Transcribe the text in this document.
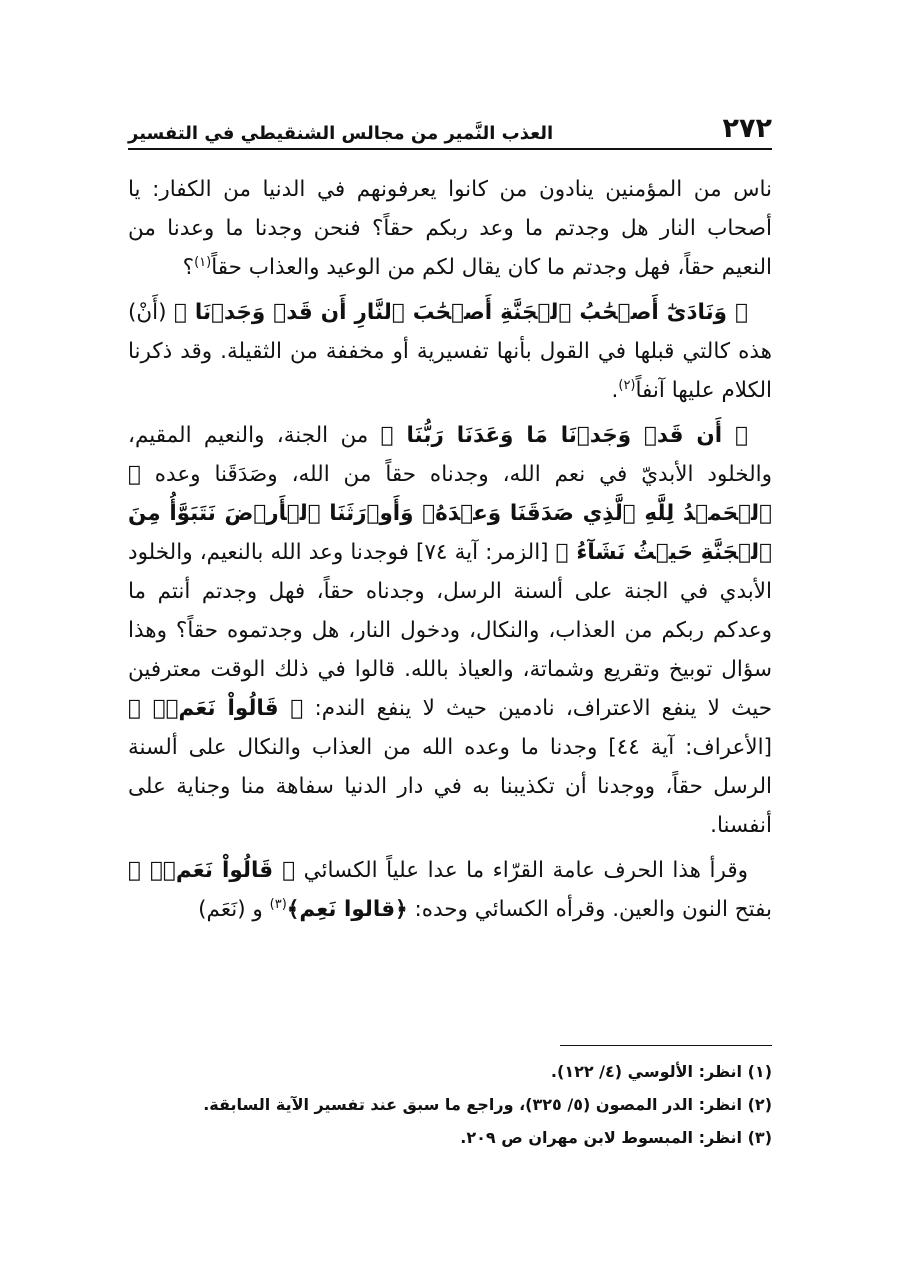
٢٧٢
العذب النَّمير من مجالس الشنقيطي في التفسير

ناس من المؤمنين ينادون من كانوا يعرفونهم في الدنيا من الكفار: يا أصحاب النار هل وجدتم ما وعد ربكم حقاً؟ فنحن وجدنا ما وعدنا من النعيم حقاً، فهل وجدتم ما كان يقال لكم من الوعيد والعذاب حقاً$^{(١)}$؟

﴿ وَنَادَىٰٓ أَصۡحَٰبُ ٱلۡجَنَّةِ أَصۡحَٰبَ ٱلنَّارِ أَن قَدۡ وَجَدۡنَا ﴾ (أَنْ) هذه كالتي قبلها في القول بأنها تفسيرية أو مخففة من الثقيلة. وقد ذكرنا الكلام عليها آنفاً$^{(٢)}$.

﴿ أَن قَدۡ وَجَدۡنَا مَا وَعَدَنَا رَبُّنَا ﴾ من الجنة، والنعيم المقيم، والخلود الأبديّ في نعم الله، وجدناه حقاً من الله، وصَدَقَنا وعده ﴿ ٱلۡحَمۡدُ لِلَّهِ ٱلَّذِي صَدَقَنَا وَعۡدَهُۥ وَأَوۡرَثَنَا ٱلۡأَرۡضَ نَتَبَوَّأُ مِنَ ٱلۡجَنَّةِ حَيۡثُ نَشَآءُ ﴾ [الزمر: آية ٧٤] فوجدنا وعد الله بالنعيم، والخلود الأبدي في الجنة على ألسنة الرسل، وجدناه حقاً، فهل وجدتم أنتم ما وعدكم ربكم من العذاب، والنكال، ودخول النار، هل وجدتموه حقاً؟ وهذا سؤال توبيخ وتقريع وشماتة، والعياذ بالله. قالوا في ذلك الوقت معترفين حيث لا ينفع الاعتراف، نادمين حيث لا ينفع الندم: ﴿ قَالُواْ نَعَمۡۚ ﴾ [الأعراف: آية ٤٤] وجدنا ما وعده الله من العذاب والنكال على ألسنة الرسل حقاً، ووجدنا أن تكذيبنا به في دار الدنيا سفاهة منا وجناية على أنفسنا.

وقرأ هذا الحرف عامة القرّاء ما عدا علياً الكسائي ﴿ قَالُواْ نَعَمۡۚ ﴾ بفتح النون والعين. وقرأه الكسائي وحده: ﴿قالوا نَعِم﴾$^{(٣)}$ و (نَعَم)

(١) انظر: الألوسي (٤/ ١٢٢).
(٢) انظر: الدر المصون (٥/ ٣٢٥)، وراجع ما سبق عند تفسير الآية السابقة.
(٣) انظر: المبسوط لابن مهران ص ٢٠٩.
